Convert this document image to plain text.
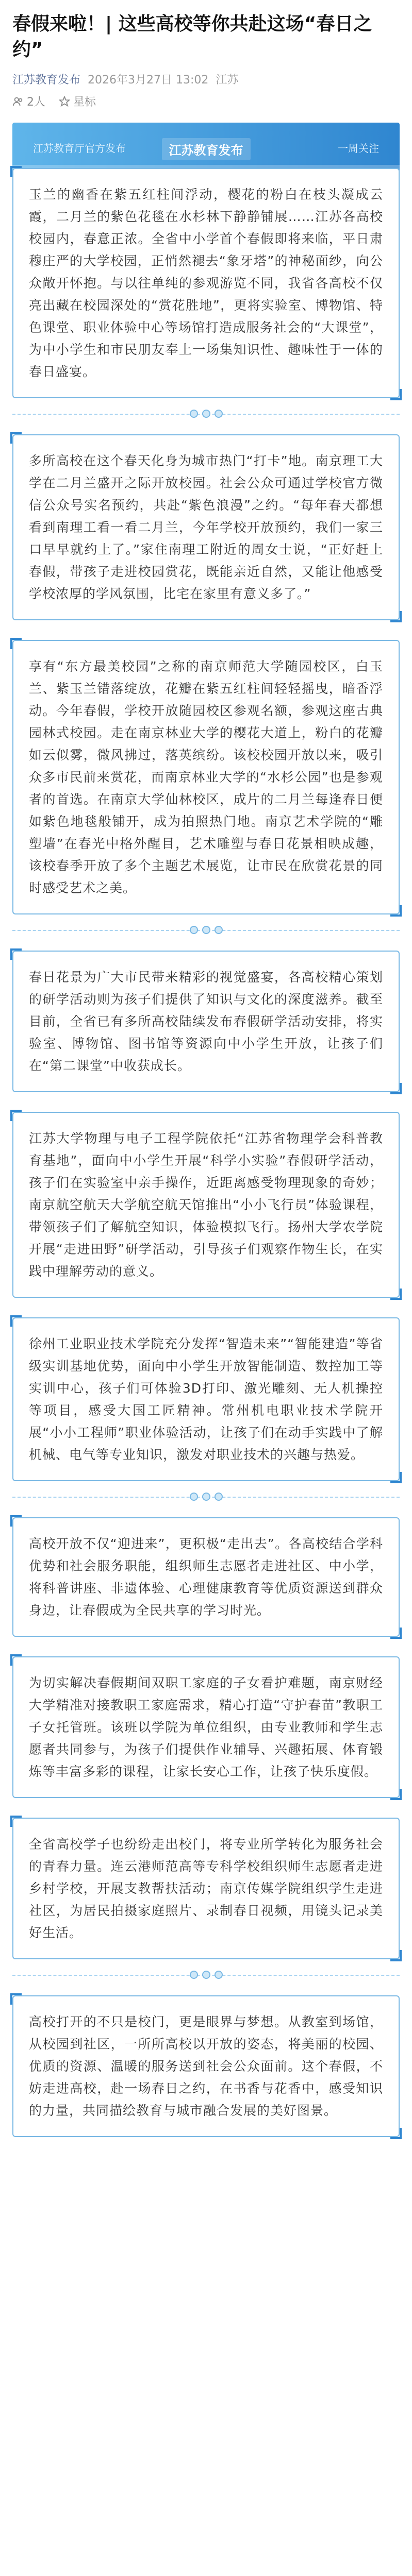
春假来啦！| 这些高校等你共赴这场“春日之约”
江苏教育发布 2026年3月27日 13:02 江苏
2人 星标
江苏教育厅官方发布	江苏教育发布	一周关注

玉兰的幽香在紫五红柱间浮动，樱花的粉白在枝头凝成云霞，二月兰的紫色花毯在水杉林下静静铺展……江苏各高校校园内，春意正浓。全省中小学首个春假即将来临，平日肃穆庄严的大学校园，正悄然褪去“象牙塔”的神秘面纱，向公众敞开怀抱。与以往单纯的参观游览不同，我省各高校不仅亮出藏在校园深处的“赏花胜地”，更将实验室、博物馆、特色课堂、职业体验中心等场馆打造成服务社会的“大课堂”，为中小学生和市民朋友奉上一场集知识性、趣味性于一体的春日盛宴。

多所高校在这个春天化身为城市热门“打卡”地。南京理工大学在二月兰盛开之际开放校园。社会公众可通过学校官方微信公众号实名预约，共赴“紫色浪漫”之约。“每年春天都想看到南理工看一看二月兰，今年学校开放预约，我们一家三口早早就约上了。”家住南理工附近的周女士说，“正好赶上春假，带孩子走进校园赏花，既能亲近自然，又能让他感受学校浓厚的学风氛围，比宅在家里有意义多了。”

享有“东方最美校园”之称的南京师范大学随园校区，白玉兰、紫玉兰错落绽放，花瓣在紫五红柱间轻轻摇曳，暗香浮动。今年春假，学校开放随园校区参观名额，参观这座古典园林式校园。走在南京林业大学的樱花大道上，粉白的花瓣如云似雾，微风拂过，落英缤纷。该校校园开放以来，吸引众多市民前来赏花，而南京林业大学的“水杉公园”也是参观者的首选。在南京大学仙林校区，成片的二月兰每逢春日便如紫色地毯般铺开，成为拍照热门地。南京艺术学院的“雕塑墙”在春光中格外醒目，艺术雕塑与春日花景相映成趣，该校春季开放了多个主题艺术展览，让市民在欣赏花景的同时感受艺术之美。

春日花景为广大市民带来精彩的视觉盛宴，各高校精心策划的研学活动则为孩子们提供了知识与文化的深度滋养。截至目前，全省已有多所高校陆续发布春假研学活动安排，将实验室、博物馆、图书馆等资源向中小学生开放，让孩子们在“第二课堂”中收获成长。

江苏大学物理与电子工程学院依托“江苏省物理学会科普教育基地”，面向中小学生开展“科学小实验”春假研学活动，孩子们在实验室中亲手操作，近距离感受物理现象的奇妙；南京航空航天大学航空航天馆推出“小小飞行员”体验课程，带领孩子们了解航空知识，体验模拟飞行。扬州大学农学院开展“走进田野”研学活动，引导孩子们观察作物生长，在实践中理解劳动的意义。

徐州工业职业技术学院充分发挥“智造未来”“智能建造”等省级实训基地优势，面向中小学生开放智能制造、数控加工等实训中心，孩子们可体验3D打印、激光雕刻、无人机操控等项目，感受大国工匠精神。常州机电职业技术学院开展“小小工程师”职业体验活动，让孩子们在动手实践中了解机械、电气等专业知识，激发对职业技术的兴趣与热爱。

高校开放不仅“迎进来”，更积极“走出去”。各高校结合学科优势和社会服务职能，组织师生志愿者走进社区、中小学，将科普讲座、非遗体验、心理健康教育等优质资源送到群众身边，让春假成为全民共享的学习时光。

为切实解决春假期间双职工家庭的子女看护难题，南京财经大学精准对接教职工家庭需求，精心打造“守护春苗”教职工子女托管班。该班以学院为单位组织，由专业教师和学生志愿者共同参与，为孩子们提供作业辅导、兴趣拓展、体育锻炼等丰富多彩的课程，让家长安心工作，让孩子快乐度假。

全省高校学子也纷纷走出校门，将专业所学转化为服务社会的青春力量。连云港师范高等专科学校组织师生志愿者走进乡村学校，开展支教帮扶活动；南京传媒学院组织学生走进社区，为居民拍摄家庭照片、录制春日视频，用镜头记录美好生活。

高校打开的不只是校门，更是眼界与梦想。从教室到场馆，从校园到社区，一所所高校以开放的姿态，将美丽的校园、优质的资源、温暖的服务送到社会公众面前。这个春假，不妨走进高校，赴一场春日之约，在书香与花香中，感受知识的力量，共同描绘教育与城市融合发展的美好图景。
